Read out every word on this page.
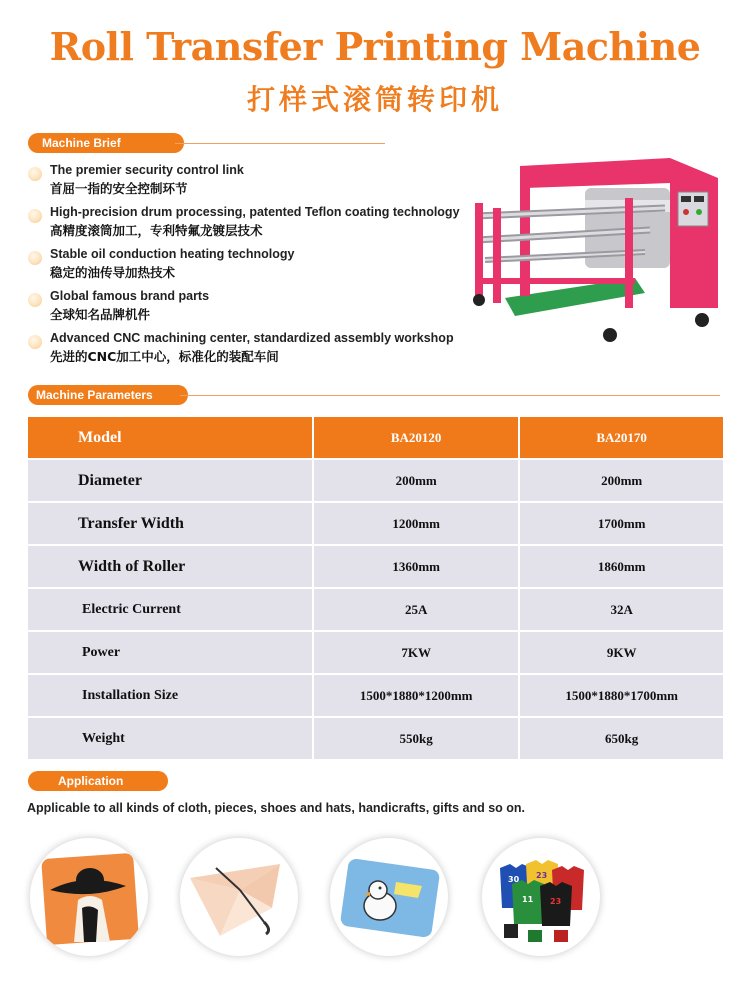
Roll Transfer Printing Machine
打样式滚筒转印机
Machine Brief
The premier security control link
首屈一指的安全控制环节
High-precision drum processing, patented Teflon coating technology
高精度滚筒加工，专利特氟龙镀层技术
Stable oil conduction heating technology
稳定的油传导加热技术
Global famous brand parts
全球知名品牌机件
Advanced CNC machining center, standardized assembly workshop
先进的CNC加工中心，标准化的装配车间
Machine Parameters
Model	BA20120	BA20170
Diameter	200mm	200mm
Transfer Width	1200mm	1700mm
Width of Roller	1360mm	1860mm
Electric Current	25A	32A
Power	7KW	9KW
Installation Size	1500*1880*1200mm	1500*1880*1700mm
Weight	550kg	650kg
Application
Applicable to all kinds of cloth, pieces, shoes and hats, handicrafts, gifts and so on.
30 23
11 23
